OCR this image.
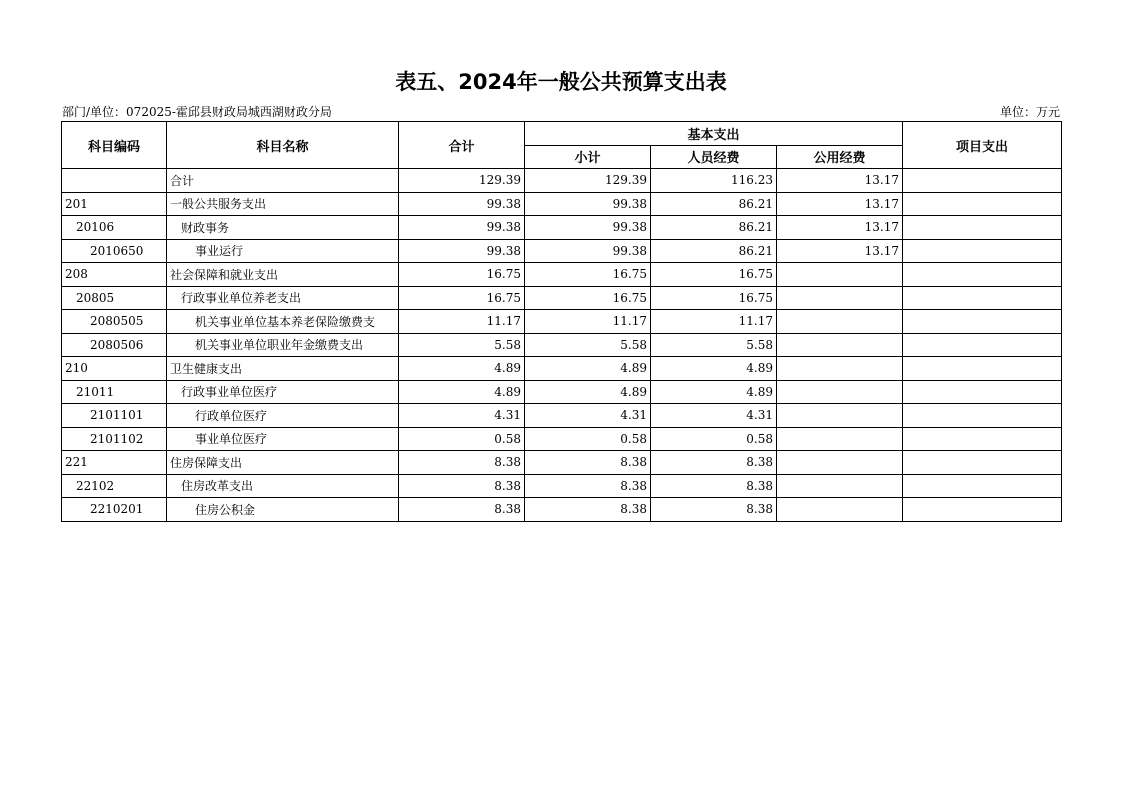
表五、2024年一般公共预算支出表
部门/单位：072025-霍邱县财政局城西湖财政分局	单位：万元
科目编码	科目名称	合计	基本支出			项目支出
			小计	人员经费	公用经费	
	合计	129.39	129.39	116.23	13.17	
201	一般公共服务支出	99.38	99.38	86.21	13.17	
20106	财政事务	99.38	99.38	86.21	13.17	
2010650	事业运行	99.38	99.38	86.21	13.17	
208	社会保障和就业支出	16.75	16.75	16.75		
20805	行政事业单位养老支出	16.75	16.75	16.75		
2080505	机关事业单位基本养老保险缴费支	11.17	11.17	11.17		
2080506	机关事业单位职业年金缴费支出	5.58	5.58	5.58		
210	卫生健康支出	4.89	4.89	4.89		
21011	行政事业单位医疗	4.89	4.89	4.89		
2101101	行政单位医疗	4.31	4.31	4.31		
2101102	事业单位医疗	0.58	0.58	0.58		
221	住房保障支出	8.38	8.38	8.38		
22102	住房改革支出	8.38	8.38	8.38		
2210201	住房公积金	8.38	8.38	8.38		
